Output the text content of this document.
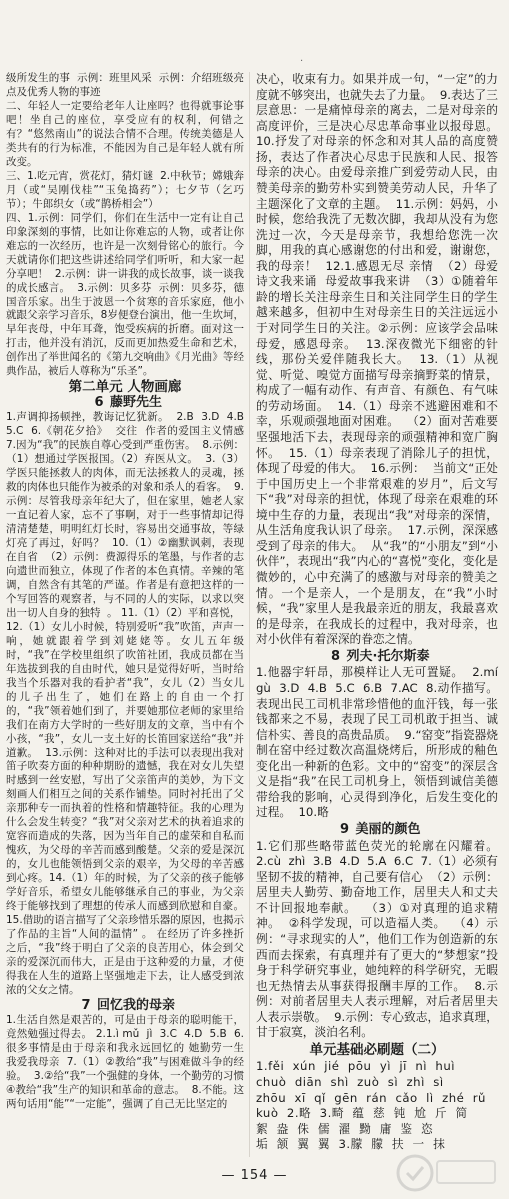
·

级所发生的事  示例：班里风采  示例：介绍班级亮点及优秀人物的事迹

二、年轻人一定要给老年人让座吗？也得就事论事吧！坐自己的座位，享受应有的权利，何错之有？“悠然南山”的说法合情不合理。传统美德是人类共有的行为标准，不能因为自己是年轻人就有所改变。

三、1.吃元宵，赏花灯，猜灯谜  2.中秋节；嫦娥奔月（或“吴刚伐桂”“玉兔捣药”）；七夕节（乞巧节）；牛郎织女（或“鹊桥相会”）

四、1.示例：同学们，你们在生活中一定有让自己印象深刻的事情，比如让你难忘的人物，或者让你难忘的一次经历，也许是一次刻骨铭心的旅行。今天就请你们把这些讲述给同学们听听，和大家一起分享吧！  2.示例：讲一讲我的成长故事，谈一谈我的成长感言。  3.示例：贝多芬  示例：贝多芬，德国音乐家。出生于波恩一个贫寒的音乐家庭，他小就跟父亲学习音乐，8岁便登台演出，他一生坎坷，早年丧母，中年耳聋，饱受疾病的折磨。面对这一打击，他并没有消沉，反而更加热爱生命和艺术，创作出了举世闻名的《第九交响曲》《月光曲》等经典作品，被后人尊称为“乐圣”。

第二单元 人物画廊
6 藤野先生

1.声调抑扬顿挫，教诲记忆犹新。  2.B  3.D  4.B  5.C  6.《朝花夕拾》  交往  作者的爱国主义情感  7.因为“我”的民族自尊心受到严重伤害。  8.示例：（1）想通过学医报国。（2）弃医从文。  3.（3）学医只能拯救人的肉体，而无法拯救人的灵魂，拯救的肉体也只能作为被杀的对象和杀人的看客。  9.示例：尽管我母亲年纪大了，但在家里，她老人家一直记着人家，忘不了事啊，对于一些事情却记得清清楚楚，明明红灯长时，容易出交通事故，等绿灯亮了再过，好吗？  10.（1）②幽默讽刺，表现在自省  （2）示例：费源得乐的笔墨，与作者的志向遗世而独立，体现了作者的本色真情。辛辣的笔调，自然含有其笔的严谨。作者是有意把这样的一个写回答的观察者，与不同的人的实际，以求以突出一切人自身的独特  。 11.（1）（2）平和喜悦，

12.（1）女儿小时候，特别爱听“我”吹笛，声声一响，她就跟着学到刘姥姥等。女儿五年级时，“我”在学校里组织了吹笛社团，我成员都在当年选拔到我的自由时代，她只是觉得好听，当时给我当个乐器对我的看护者“我”，女儿（2）当女儿的儿子出生了，她们在路上的自由一个打的，“我”领着她们到了，并要她那位老师的家里给我们在南方大学时的一些好朋友的文章，当中有个小孩，“我”，女儿一支土好的长笛回家送给“我”并道歉。  13.示例：这种对比的手法可以表现出我对笛子吹奏方面的种种期盼的遗憾，我在对女儿失望时感到一丝安慰，写出了父亲笛声的美妙，为下文刻画人们相互之间的关系作铺垫。同时衬托出了父亲那种专一而执着的性格和情趣特征。我的心理为什么会发生转变？“我”对父亲对艺术的执着追求的宽容而造成的失落，因为当年自己的虚荣和自私而愧疚，为父母的辛苦而感到酸楚。父亲的爱是深沉的，女儿也能领悟到父亲的艰辛，为父母的辛苦感到心疼。14.（1）年的时候，为了父亲的孩子能够学好音乐，希望女儿能够继承自己的事业，为父亲终于能够找到了理想的传承人而感到欣慰和自豪。  15.借助的语言描写了父亲珍惜乐器的原因，也揭示了作品的主旨“人间的温情” 。 在经历了许多挫折之后，“我”终于明白了父亲的良苦用心，体会到父亲的爱深沉而伟大，正是由于这种爱的力量，才使得我在人生的道路上坚强地走下去，让人感受到浓浓的父女之情。

7 回忆我的母亲

1.生活自然是艰苦的，可是由于母亲的聪明能干，竟然勉强过得去。 2.1.ì mǔ  jì  3.C  4.D  5.B  6.很多事情是由于母亲和我永远回忆的 她勤劳一生  我爱我母亲  7.（1）②教给“我”与困难做斗争的经验。  3.②给“我”一个强健的身体，一个勤劳的习惯  ④教给“我”生产的知识和革命的意志。  8.不能。这两句话用“能”“一定能”，强调了自己无比坚定的

决心，收束有力。如果并成一句，“一定”的力度就不够突出，也就失去了力量。  9.表达了三层意思：一是痛悼母亲的离去，二是对母亲的高度评价，三是决心尽忠革命事业以报母恩。  10.抒发了对母亲的怀念和对其人品的高度赞扬，表达了作者决心尽忠于民族和人民、报答母亲的决心。由爱母亲推广到爱劳动人民，由赞美母亲的勤劳朴实到赞美劳动人民，升华了主题深化了文章的主题。  11.示例：妈妈，小时候，您给我洗了无数次脚，我却从没有为您洗过一次，今天是母亲节，我想给您洗一次脚，用我的真心感谢您的付出和爱，谢谢您，我的母亲！  12.1.感恩无尽 亲情  （2）母爱诗文我来诵  母爱故事我来讲  （3）①随着年龄的增长关注母亲生日和关注同学生日的学生越来越多，但初中生对母亲生日的关注远远小于对同学生日的关注。②示例：应该学会品味母爱，感恩母亲。  13.深夜微光下细密的针线，那份关爱伴随我长大。  13.（1）从视觉、听觉、嗅觉方面描写母亲摘野菜的情景，构成了一幅有动作、有声音、有颜色、有气味的劳动场面。  14.（1）母亲不逃避困难和不幸，乐观顽强地面对困难。  （2）面对苦难要坚强地活下去，表现母亲的顽强精神和宽广胸怀。  15.（1）母亲表现了消除儿子的担忧，体现了母爱的伟大。  16.示例：  当前文“正处于中国历史上一个非常艰难的岁月”，后文写下“我”对母亲的担忧，体现了母亲在艰难的环境中生存的力量，表现出“我”对母亲的深情，从生活角度我认识了母亲。  17.示例，深深感受到了母亲的伟大。  从“我”的“小朋友”到“小伙伴”，表现出“我”内心的“喜悦”变化，变化是微妙的，心中充满了的感激与对母亲的赞美之情。一个是亲人，一个是朋友，在“我”小时候，“我”家里人是我最亲近的朋友，我最喜欢的是母亲，在我成长的过程中，我对母亲，也对小伙伴有着深深的眷恋之情。

8 列夫·托尔斯泰

1.他器宇轩昂，那模样让人无可置疑。  2.mí  gù  3.D  4.B  5.C  6.B  7.AC  8.动作描写。表现出民工司机非常珍惜他的血汗钱，每一张钱都来之不易，表现了民工司机敢于担当、诚信朴实、善良的高贵品质。  9.“窑变”指瓷器烧制在窑中经过数次高温烧烤后，所形成的釉色变化出一种新的色彩。文中的“窑变”的深层含义是指“我”在民工司机身上，领悟到诚信美德带给我的影响，心灵得到净化，后发生变化的过程。  10.略

9 美丽的颜色

1.它们那些略带蓝色荧光的轮廓在闪耀着。  2.cù  zhì  3.B  4.D  5.A  6.C  7.（1）必须有坚韧不拔的精神，自己要有信心  （2）示例：居里夫人勤劳、勤奋地工作，居里夫人和丈夫不计回报地奉献。  （3）①对真理的追求精神。  ②科学发现，可以造福人类。  （4）示例：“寻求现实的人”，他们工作为创造新的东西而去探索，有真理并有了更大的“梦想家”投身于科学研究事业，她纯粹的科学研究，无暇也无热情去从事获得报酬丰厚的工作。  8.示例：对前者居里夫人表示理解，对后者居里夫人表示崇敬。  9.示例：专心致志，追求真理，甘于寂寞，淡泊名利。

单元基础必刷题（二）

1.fěi  xún  jié  pōu  yì  jī  nì  huì

chuò  diān  shì  zuò  sì  zhì  sì

zhōu  xī  qǐ  gēn  rán  cǎo  lì  zhé  rǔ

kuò  2.略  3.畸  蕴  慈  钝  尬  斤  简

絮  盎  侏  儒  濯  黝  庸  鉴  恣

垢  颔  翼  翼  3.朦  朦  扶  一  抹

— 154 —
